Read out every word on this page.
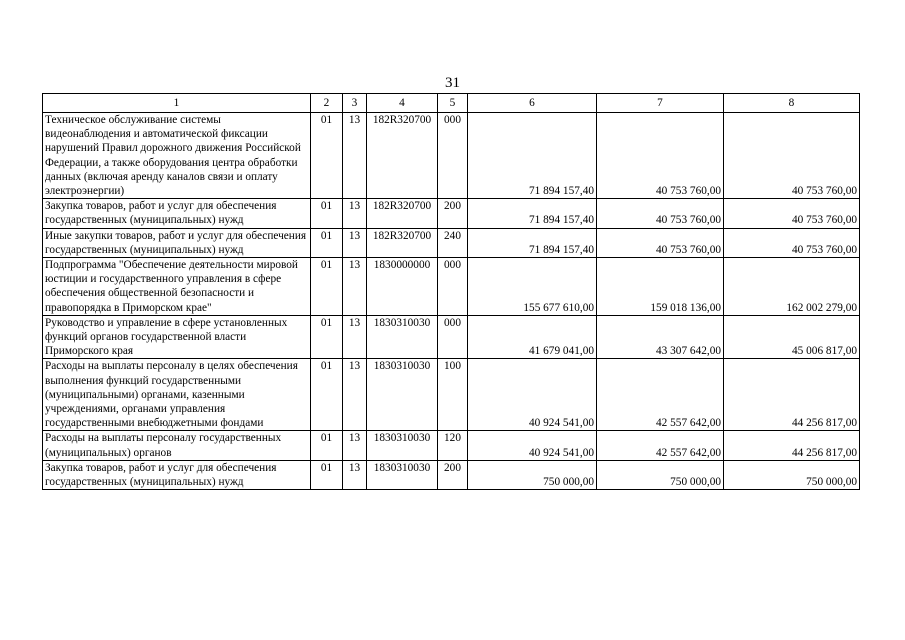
31
1	2	3	4	5	6	7	8
Техническое обслуживание системы видеонаблюдения и автоматической фиксации нарушений Правил дорожного движения Российской Федерации, а также оборудования центра обработки данных (включая аренду каналов связи и оплату электроэнергии)	01	13	182R320700	000	71 894 157,40	40 753 760,00	40 753 760,00
Закупка товаров, работ и услуг для обеспечения государственных (муниципальных) нужд	01	13	182R320700	200	71 894 157,40	40 753 760,00	40 753 760,00
Иные закупки товаров, работ и услуг для обеспечения государственных (муниципальных) нужд	01	13	182R320700	240	71 894 157,40	40 753 760,00	40 753 760,00
Подпрограмма "Обеспечение деятельности мировой юстиции и государственного управления в сфере обеспечения общественной безопасности и правопорядка в Приморском крае"	01	13	1830000000	000	155 677 610,00	159 018 136,00	162 002 279,00
Руководство и управление в сфере установленных функций органов государственной власти Приморского края	01	13	1830310030	000	41 679 041,00	43 307 642,00	45 006 817,00
Расходы на выплаты персоналу в целях обеспечения выполнения функций государственными (муниципальными) органами, казенными учреждениями, органами управления государственными внебюджетными фондами	01	13	1830310030	100	40 924 541,00	42 557 642,00	44 256 817,00
Расходы на выплаты персоналу государственных (муниципальных) органов	01	13	1830310030	120	40 924 541,00	42 557 642,00	44 256 817,00
Закупка товаров, работ и услуг для обеспечения государственных (муниципальных) нужд	01	13	1830310030	200	750 000,00	750 000,00	750 000,00
